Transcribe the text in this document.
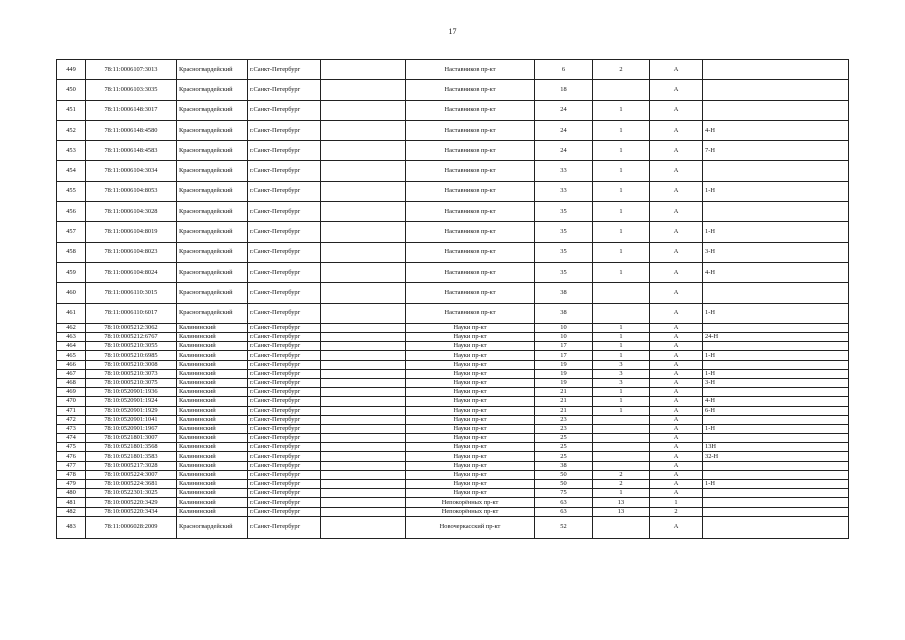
17
449	78:11:0006107:3013	Красногвардейский	г.Санкт-Петербург		Наставников пр-кт	6	2	А	
450	78:11:0006103:3035	Красногвардейский	г.Санкт-Петербург		Наставников пр-кт	18		А	
451	78:11:0006148:3017	Красногвардейский	г.Санкт-Петербург		Наставников пр-кт	24	1	А	
452	78:11:0006148:4580	Красногвардейский	г.Санкт-Петербург		Наставников пр-кт	24	1	А	4-Н
453	78:11:0006148:4583	Красногвардейский	г.Санкт-Петербург		Наставников пр-кт	24	1	А	7-Н
454	78:11:0006104:3034	Красногвардейский	г.Санкт-Петербург		Наставников пр-кт	33	1	А	
455	78:11:0006104:8053	Красногвардейский	г.Санкт-Петербург		Наставников пр-кт	33	1	А	1-Н
456	78:11:0006104:3028	Красногвардейский	г.Санкт-Петербург		Наставников пр-кт	35	1	А	
457	78:11:0006104:8019	Красногвардейский	г.Санкт-Петербург		Наставников пр-кт	35	1	А	1-Н
458	78:11:0006104:8023	Красногвардейский	г.Санкт-Петербург		Наставников пр-кт	35	1	А	3-Н
459	78:11:0006104:8024	Красногвардейский	г.Санкт-Петербург		Наставников пр-кт	35	1	А	4-Н
460	78:11:0006110:3015	Красногвардейский	г.Санкт-Петербург		Наставников пр-кт	38		А	
461	78:11:0006110:6017	Красногвардейский	г.Санкт-Петербург		Наставников пр-кт	38		А	1-Н
462	78:10:0005212:3062	Калининский	г.Санкт-Петербург		Науки пр-кт	10	1	А	
463	78:10:0005212:6767	Калининский	г.Санкт-Петербург		Науки пр-кт	10	1	А	24-Н
464	78:10:0005210:3055	Калининский	г.Санкт-Петербург		Науки пр-кт	17	1	А	
465	78:10:0005210:6985	Калининский	г.Санкт-Петербург		Науки пр-кт	17	1	А	1-Н
466	78:10:0005210:3008	Калининский	г.Санкт-Петербург		Науки пр-кт	19	3	А	
467	78:10:0005210:3073	Калининский	г.Санкт-Петербург		Науки пр-кт	19	3	А	1-Н
468	78:10:0005210:3075	Калининский	г.Санкт-Петербург		Науки пр-кт	19	3	А	3-Н
469	78:10:0520901:1936	Калининский	г.Санкт-Петербург		Науки пр-кт	21	1	А	
470	78:10:0520901:1924	Калининский	г.Санкт-Петербург		Науки пр-кт	21	1	А	4-Н
471	78:10:0520901:1929	Калининский	г.Санкт-Петербург		Науки пр-кт	21	1	А	6-Н
472	78:10:0520901:1041	Калининский	г.Санкт-Петербург		Науки пр-кт	23		А	
473	78:10:0520901:1967	Калининский	г.Санкт-Петербург		Науки пр-кт	23		А	1-Н
474	78:10:0521801:3007	Калининский	г.Санкт-Петербург		Науки пр-кт	25		А	
475	78:10:0521801:3568	Калининский	г.Санкт-Петербург		Науки пр-кт	25		А	13Н
476	78:10:0521801:3583	Калининский	г.Санкт-Петербург		Науки пр-кт	25		А	32-Н
477	78:10:0005217:3028	Калининский	г.Санкт-Петербург		Науки пр-кт	38		А	
478	78:10:0005224:3007	Калининский	г.Санкт-Петербург		Науки пр-кт	50	2	А	
479	78:10:0005224:3681	Калининский	г.Санкт-Петербург		Науки пр-кт	50	2	А	1-Н
480	78:10:0522301:3025	Калининский	г.Санкт-Петербург		Науки пр-кт	75	1	А	
481	78:10:0005220:3429	Калининский	г.Санкт-Петербург		Непокорённых пр-кт	63	13	1	
482	78:10:0005220:3434	Калининский	г.Санкт-Петербург		Непокорённых пр-кт	63	13	2	
483	78:11:0006028:2009	Красногвардейский	г.Санкт-Петербург		Новочеркасский пр-кт	52		А	
